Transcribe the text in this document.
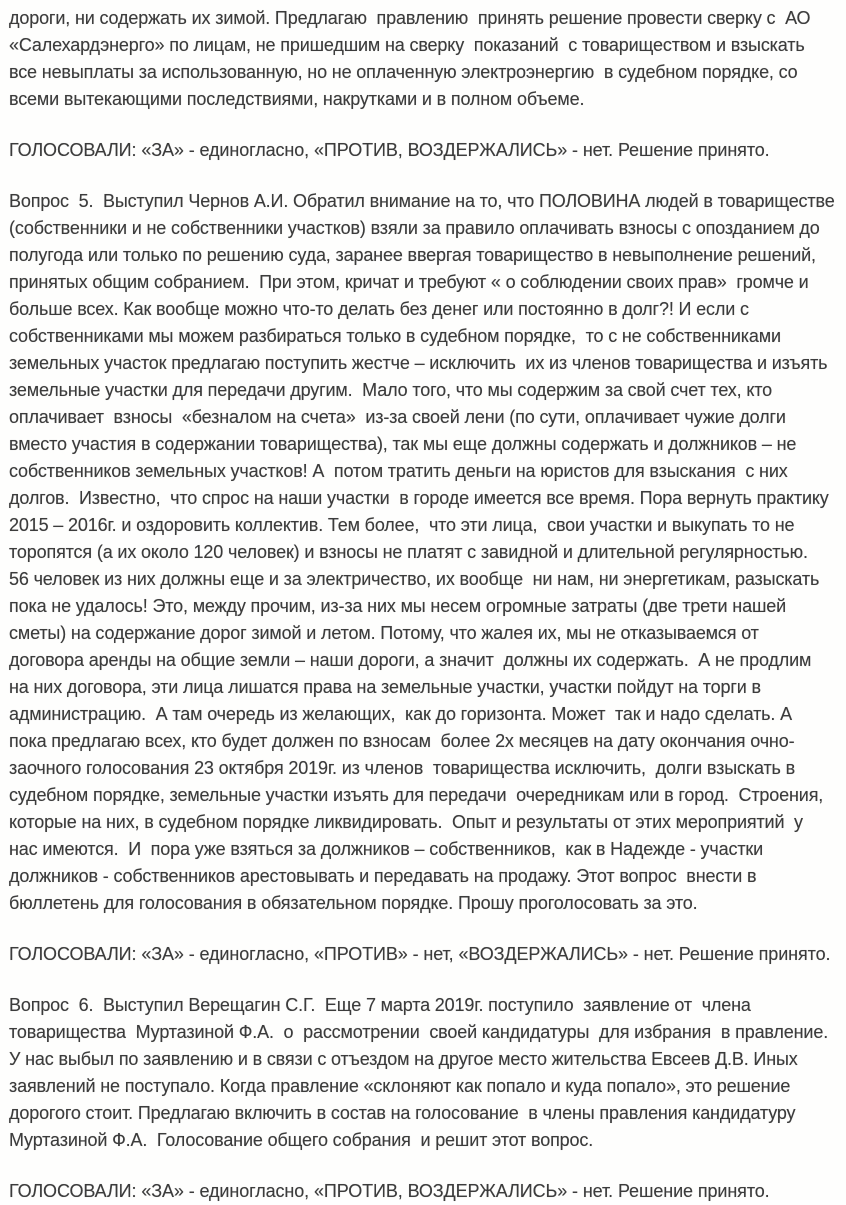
дороги, ни содержать их зимой. Предлагаю  правлению  принять решение провести сверку с  АО
«Салехардэнерго» по лицам, не пришедшим на сверку  показаний  с товариществом и взыскать
все невыплаты за использованную, но не оплаченную электроэнергию  в судебном порядке, со
всеми вытекающими последствиями, накрутками и в полном объеме.
ГОЛОСОВАЛИ: «ЗА» - единогласно, «ПРОТИВ, ВОЗДЕРЖАЛИСЬ» - нет. Решение принято.
Вопрос  5.  Выступил Чернов А.И. Обратил внимание на то, что ПОЛОВИНА людей в товариществе
(собственники и не собственники участков) взяли за правило оплачивать взносы с опозданием до
полугода или только по решению суда, заранее ввергая товарищество в невыполнение решений,
принятых общим собранием.  При этом, кричат и требуют « о соблюдении своих прав»  громче и
больше всех. Как вообще можно что-то делать без денег или постоянно в долг?! И если с
собственниками мы можем разбираться только в судебном порядке,  то с не собственниками
земельных участок предлагаю поступить жестче – исключить  их из членов товарищества и изъять
земельные участки для передачи другим.  Мало того, что мы содержим за свой счет тех, кто
оплачивает  взносы  «безналом на счета»  из-за своей лени (по сути, оплачивает чужие долги
вместо участия в содержании товарищества), так мы еще должны содержать и должников – не
собственников земельных участков! А  потом тратить деньги на юристов для взыскания  с них
долгов.  Известно,  что спрос на наши участки  в городе имеется все время. Пора вернуть практику
2015 – 2016г. и оздоровить коллектив. Тем более,  что эти лица,  свои участки и выкупать то не
торопятся (а их около 120 человек) и взносы не платят с завидной и длительной регулярностью.
56 человек из них должны еще и за электричество, их вообще  ни нам, ни энергетикам, разыскать
пока не удалось! Это, между прочим, из-за них мы несем огромные затраты (две трети нашей
сметы) на содержание дорог зимой и летом. Потому, что жалея их, мы не отказываемся от
договора аренды на общие земли – наши дороги, а значит  должны их содержать.  А не продлим
на них договора, эти лица лишатся права на земельные участки, участки пойдут на торги в
администрацию.  А там очередь из желающих,  как до горизонта. Может  так и надо сделать. А
пока предлагаю всех, кто будет должен по взносам  более 2х месяцев на дату окончания очно-
заочного голосования 23 октября 2019г. из членов  товарищества исключить,  долги взыскать в
судебном порядке, земельные участки изъять для передачи  очередникам или в город.  Строения,
которые на них, в судебном порядке ликвидировать.  Опыт и результаты от этих мероприятий  у
нас имеются.  И  пора уже взяться за должников – собственников,  как в Надежде - участки
должников - собственников арестовывать и передавать на продажу. Этот вопрос  внести в
бюллетень для голосования в обязательном порядке. Прошу проголосовать за это.
ГОЛОСОВАЛИ: «ЗА» - единогласно, «ПРОТИВ» - нет, «ВОЗДЕРЖАЛИСЬ» - нет. Решение принято.
Вопрос  6.  Выступил Верещагин С.Г.  Еще 7 марта 2019г. поступило  заявление от  члена
товарищества  Муртазиной Ф.А.  о  рассмотрении  своей кандидатуры  для избрания  в правление.
У нас выбыл по заявлению и в связи с отъездом на другое место жительства Евсеев Д.В. Иных
заявлений не поступало. Когда правление «склоняют как попало и куда попало», это решение
дорогого стоит. Предлагаю включить в состав на голосование  в члены правления кандидатуру
Муртазиной Ф.А.  Голосование общего собрания  и решит этот вопрос.
ГОЛОСОВАЛИ: «ЗА» - единогласно, «ПРОТИВ, ВОЗДЕРЖАЛИСЬ» - нет. Решение принято.
